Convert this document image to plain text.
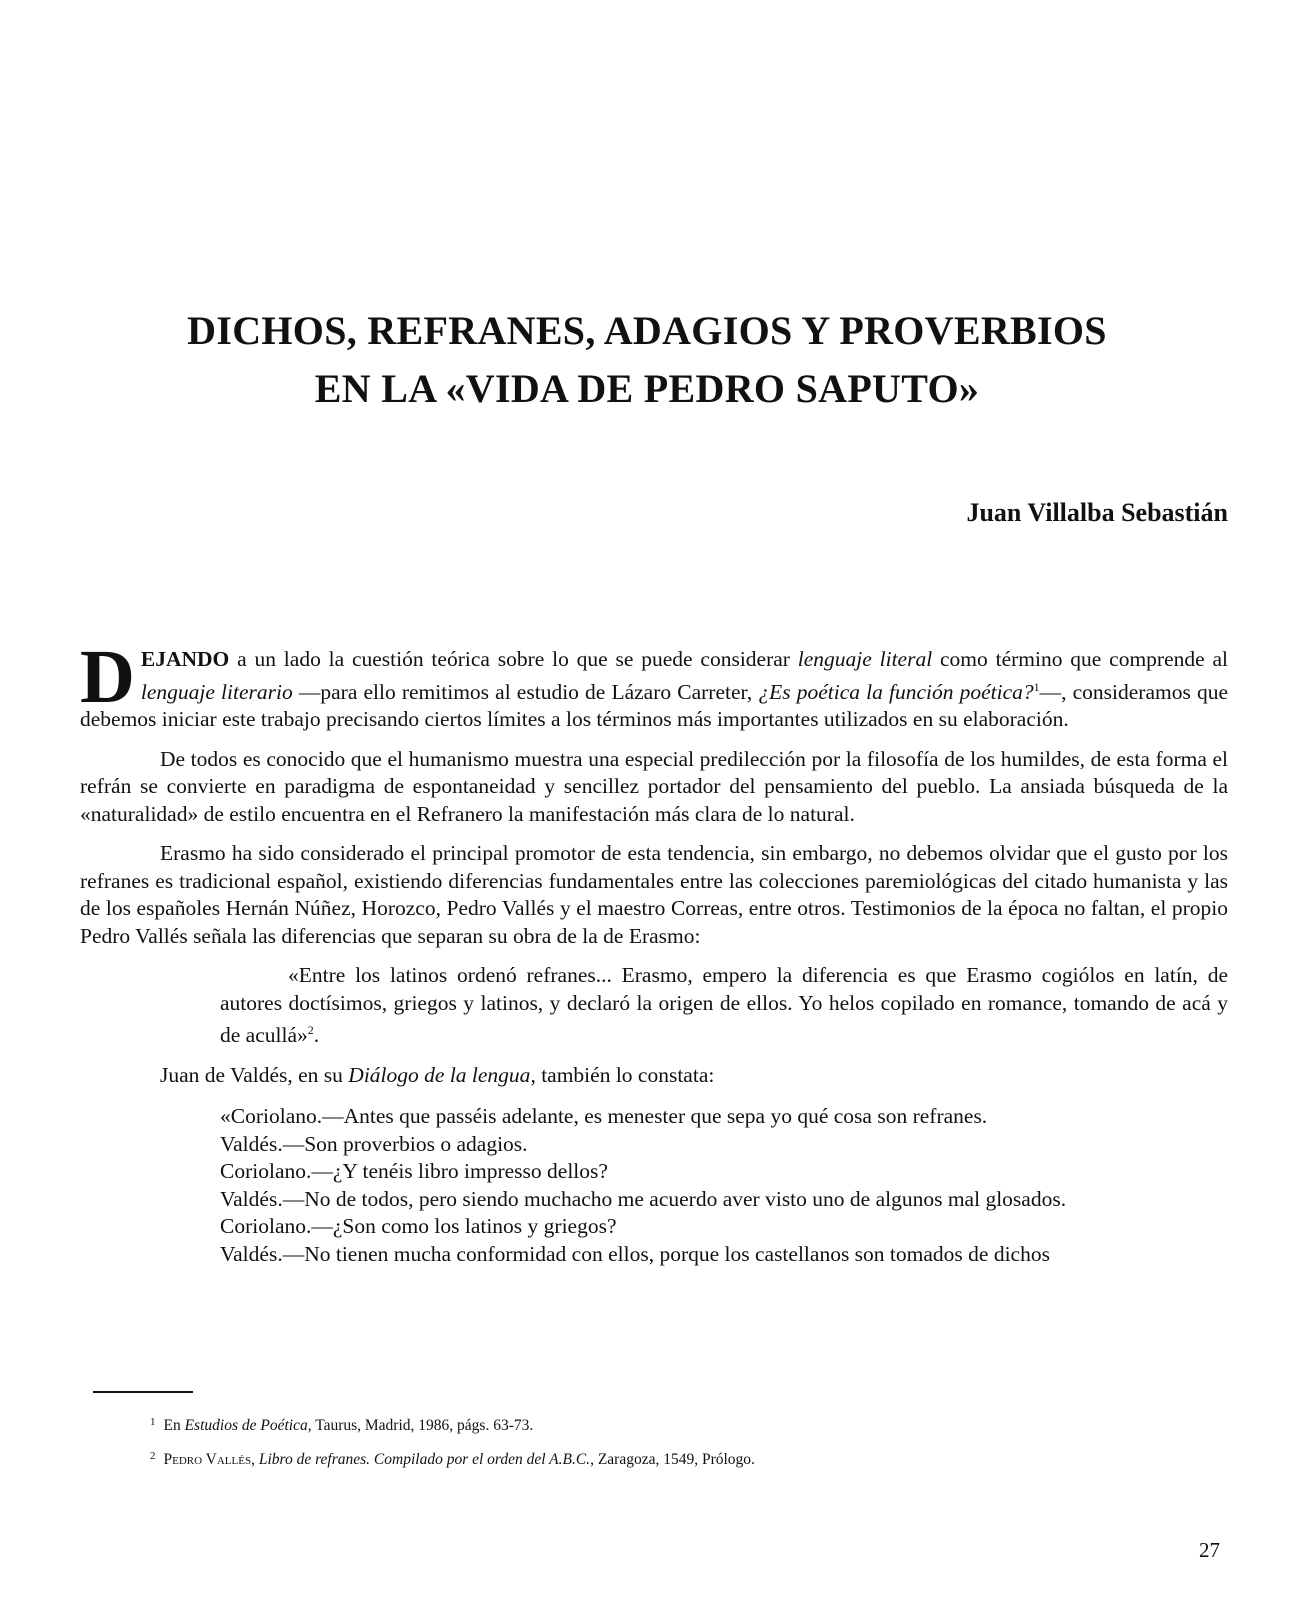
DICHOS, REFRANES, ADAGIOS Y PROVERBIOS
EN LA «VIDA DE PEDRO SAPUTO»

Juan Villalba Sebastián

DEJANDO a un lado la cuestión teórica sobre lo que se puede considerar lenguaje literal como término que comprende al lenguaje literario —para ello remitimos al estudio de Lázaro Carreter, ¿Es poética la función poética?$^1$—, consideramos que debemos iniciar este trabajo precisando ciertos límites a los términos más importantes utilizados en su elaboración.

De todos es conocido que el humanismo muestra una especial predilección por la filosofía de los humildes, de esta forma el refrán se convierte en paradigma de espontaneidad y sencillez portador del pensamiento del pueblo. La ansiada búsqueda de la «naturalidad» de estilo encuentra en el Refranero la manifestación más clara de lo natural.

Erasmo ha sido considerado el principal promotor de esta tendencia, sin embargo, no debemos olvidar que el gusto por los refranes es tradicional español, existiendo diferencias fundamentales entre las colecciones paremiológicas del citado humanista y las de los españoles Hernán Núñez, Horozco, Pedro Vallés y el maestro Correas, entre otros. Testimonios de la época no faltan, el propio Pedro Vallés señala las diferencias que separan su obra de la de Erasmo:

«Entre los latinos ordenó refranes... Erasmo, empero la diferencia es que Erasmo cogiólos en latín, de autores doctísimos, griegos y latinos, y declaró la origen de ellos. Yo helos copilado en romance, tomando de acá y de acullá»$^2$.

Juan de Valdés, en su Diálogo de la lengua, también lo constata:

«Coriolano.—Antes que passéis adelante, es menester que sepa yo qué cosa son refranes.
Valdés.—Son proverbios o adagios.
Coriolano.—¿Y tenéis libro impresso dellos?
Valdés.—No de todos, pero siendo muchacho me acuerdo aver visto uno de algunos mal glosados.
Coriolano.—¿Son como los latinos y griegos?
Valdés.—No tienen mucha conformidad con ellos, porque los castellanos son tomados de dichos

$^1$ En Estudios de Poética, Taurus, Madrid, 1986, págs. 63-73.

$^2$ Pedro Vallés, Libro de refranes. Compilado por el orden del A.B.C., Zaragoza, 1549, Prólogo.

27
